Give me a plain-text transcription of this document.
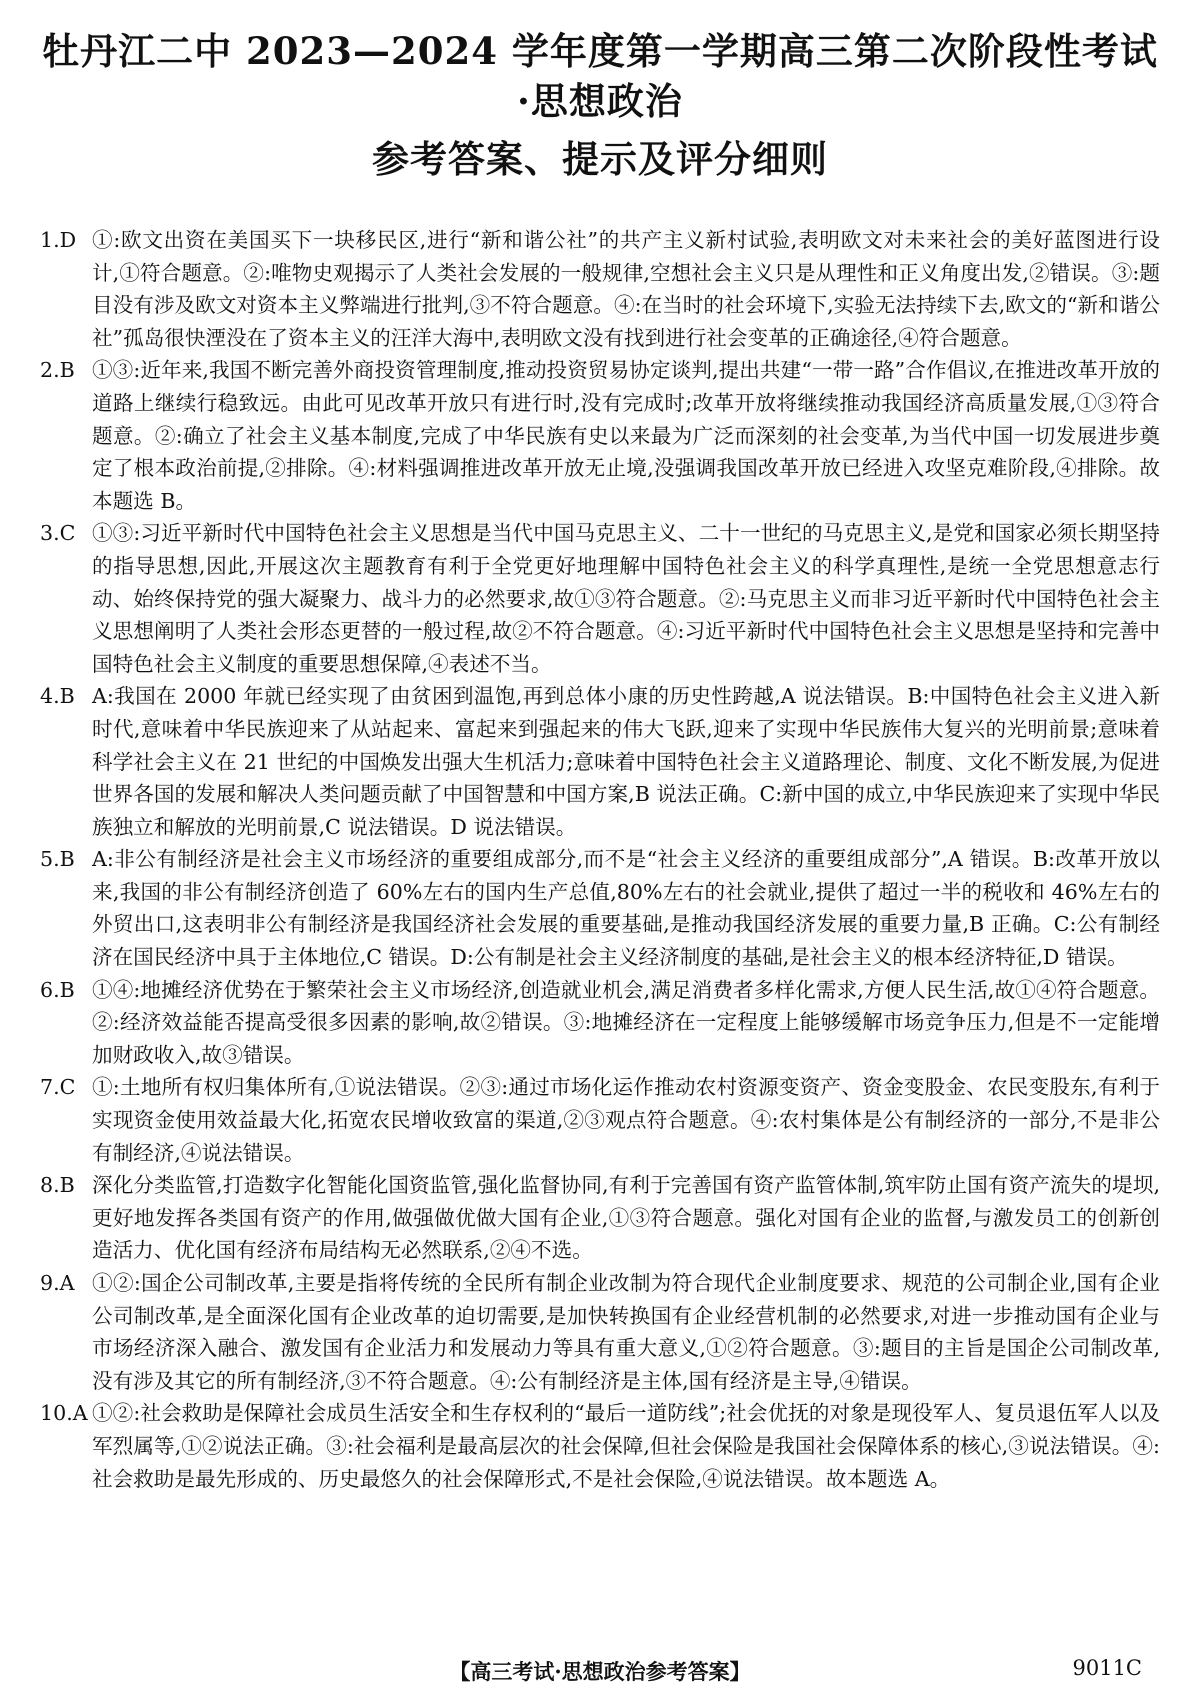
牡丹江二中 2023—2024 学年度第一学期高三第二次阶段性考试·思想政治
参考答案、提示及评分细则
1.D ①:欧文出资在美国买下一块移民区,进行“新和谐公社”的共产主义新村试验,表明欧文对未来社会的美好蓝图进行设计,①符合题意。②:唯物史观揭示了人类社会发展的一般规律,空想社会主义只是从理性和正义角度出发,②错误。③:题目没有涉及欧文对资本主义弊端进行批判,③不符合题意。④:在当时的社会环境下,实验无法持续下去,欧文的“新和谐公社”孤岛很快湮没在了资本主义的汪洋大海中,表明欧文没有找到进行社会变革的正确途径,④符合题意。
2.B ①③:近年来,我国不断完善外商投资管理制度,推动投资贸易协定谈判,提出共建“一带一路”合作倡议,在推进改革开放的道路上继续行稳致远。由此可见改革开放只有进行时,没有完成时;改革开放将继续推动我国经济高质量发展,①③符合题意。②:确立了社会主义基本制度,完成了中华民族有史以来最为广泛而深刻的社会变革,为当代中国一切发展进步奠定了根本政治前提,②排除。④:材料强调推进改革开放无止境,没强调我国改革开放已经进入攻坚克难阶段,④排除。故本题选 B。
3.C ①③:习近平新时代中国特色社会主义思想是当代中国马克思主义、二十一世纪的马克思主义,是党和国家必须长期坚持的指导思想,因此,开展这次主题教育有利于全党更好地理解中国特色社会主义的科学真理性,是统一全党思想意志行动、始终保持党的强大凝聚力、战斗力的必然要求,故①③符合题意。②:马克思主义而非习近平新时代中国特色社会主义思想阐明了人类社会形态更替的一般过程,故②不符合题意。④:习近平新时代中国特色社会主义思想是坚持和完善中国特色社会主义制度的重要思想保障,④表述不当。
4.B A:我国在 2000 年就已经实现了由贫困到温饱,再到总体小康的历史性跨越,A 说法错误。B:中国特色社会主义进入新时代,意味着中华民族迎来了从站起来、富起来到强起来的伟大飞跃,迎来了实现中华民族伟大复兴的光明前景;意味着科学社会主义在 21 世纪的中国焕发出强大生机活力;意味着中国特色社会主义道路理论、制度、文化不断发展,为促进世界各国的发展和解决人类问题贡献了中国智慧和中国方案,B 说法正确。C:新中国的成立,中华民族迎来了实现中华民族独立和解放的光明前景,C 说法错误。D 说法错误。
5.B A:非公有制经济是社会主义市场经济的重要组成部分,而不是“社会主义经济的重要组成部分”,A 错误。B:改革开放以来,我国的非公有制经济创造了 60%左右的国内生产总值,80%左右的社会就业,提供了超过一半的税收和 46%左右的外贸出口,这表明非公有制经济是我国经济社会发展的重要基础,是推动我国经济发展的重要力量,B 正确。C:公有制经济在国民经济中具于主体地位,C 错误。D:公有制是社会主义经济制度的基础,是社会主义的根本经济特征,D 错误。
6.B ①④:地摊经济优势在于繁荣社会主义市场经济,创造就业机会,满足消费者多样化需求,方便人民生活,故①④符合题意。②:经济效益能否提高受很多因素的影响,故②错误。③:地摊经济在一定程度上能够缓解市场竞争压力,但是不一定能增加财政收入,故③错误。
7.C ①:土地所有权归集体所有,①说法错误。②③:通过市场化运作推动农村资源变资产、资金变股金、农民变股东,有利于实现资金使用效益最大化,拓宽农民增收致富的渠道,②③观点符合题意。④:农村集体是公有制经济的一部分,不是非公有制经济,④说法错误。
8.B 深化分类监管,打造数字化智能化国资监管,强化监督协同,有利于完善国有资产监管体制,筑牢防止国有资产流失的堤坝,更好地发挥各类国有资产的作用,做强做优做大国有企业,①③符合题意。强化对国有企业的监督,与激发员工的创新创造活力、优化国有经济布局结构无必然联系,②④不选。
9.A ①②:国企公司制改革,主要是指将传统的全民所有制企业改制为符合现代企业制度要求、规范的公司制企业,国有企业公司制改革,是全面深化国有企业改革的迫切需要,是加快转换国有企业经营机制的必然要求,对进一步推动国有企业与市场经济深入融合、激发国有企业活力和发展动力等具有重大意义,①②符合题意。③:题目的主旨是国企公司制改革,没有涉及其它的所有制经济,③不符合题意。④:公有制经济是主体,国有经济是主导,④错误。
10.A ①②:社会救助是保障社会成员生活安全和生存权利的“最后一道防线”;社会优抚的对象是现役军人、复员退伍军人以及军烈属等,①②说法正确。③:社会福利是最高层次的社会保障,但社会保险是我国社会保障体系的核心,③说法错误。④:社会救助是最先形成的、历史最悠久的社会保障形式,不是社会保险,④说法错误。故本题选 A。
【高三考试·思想政治参考答案】	9011C
